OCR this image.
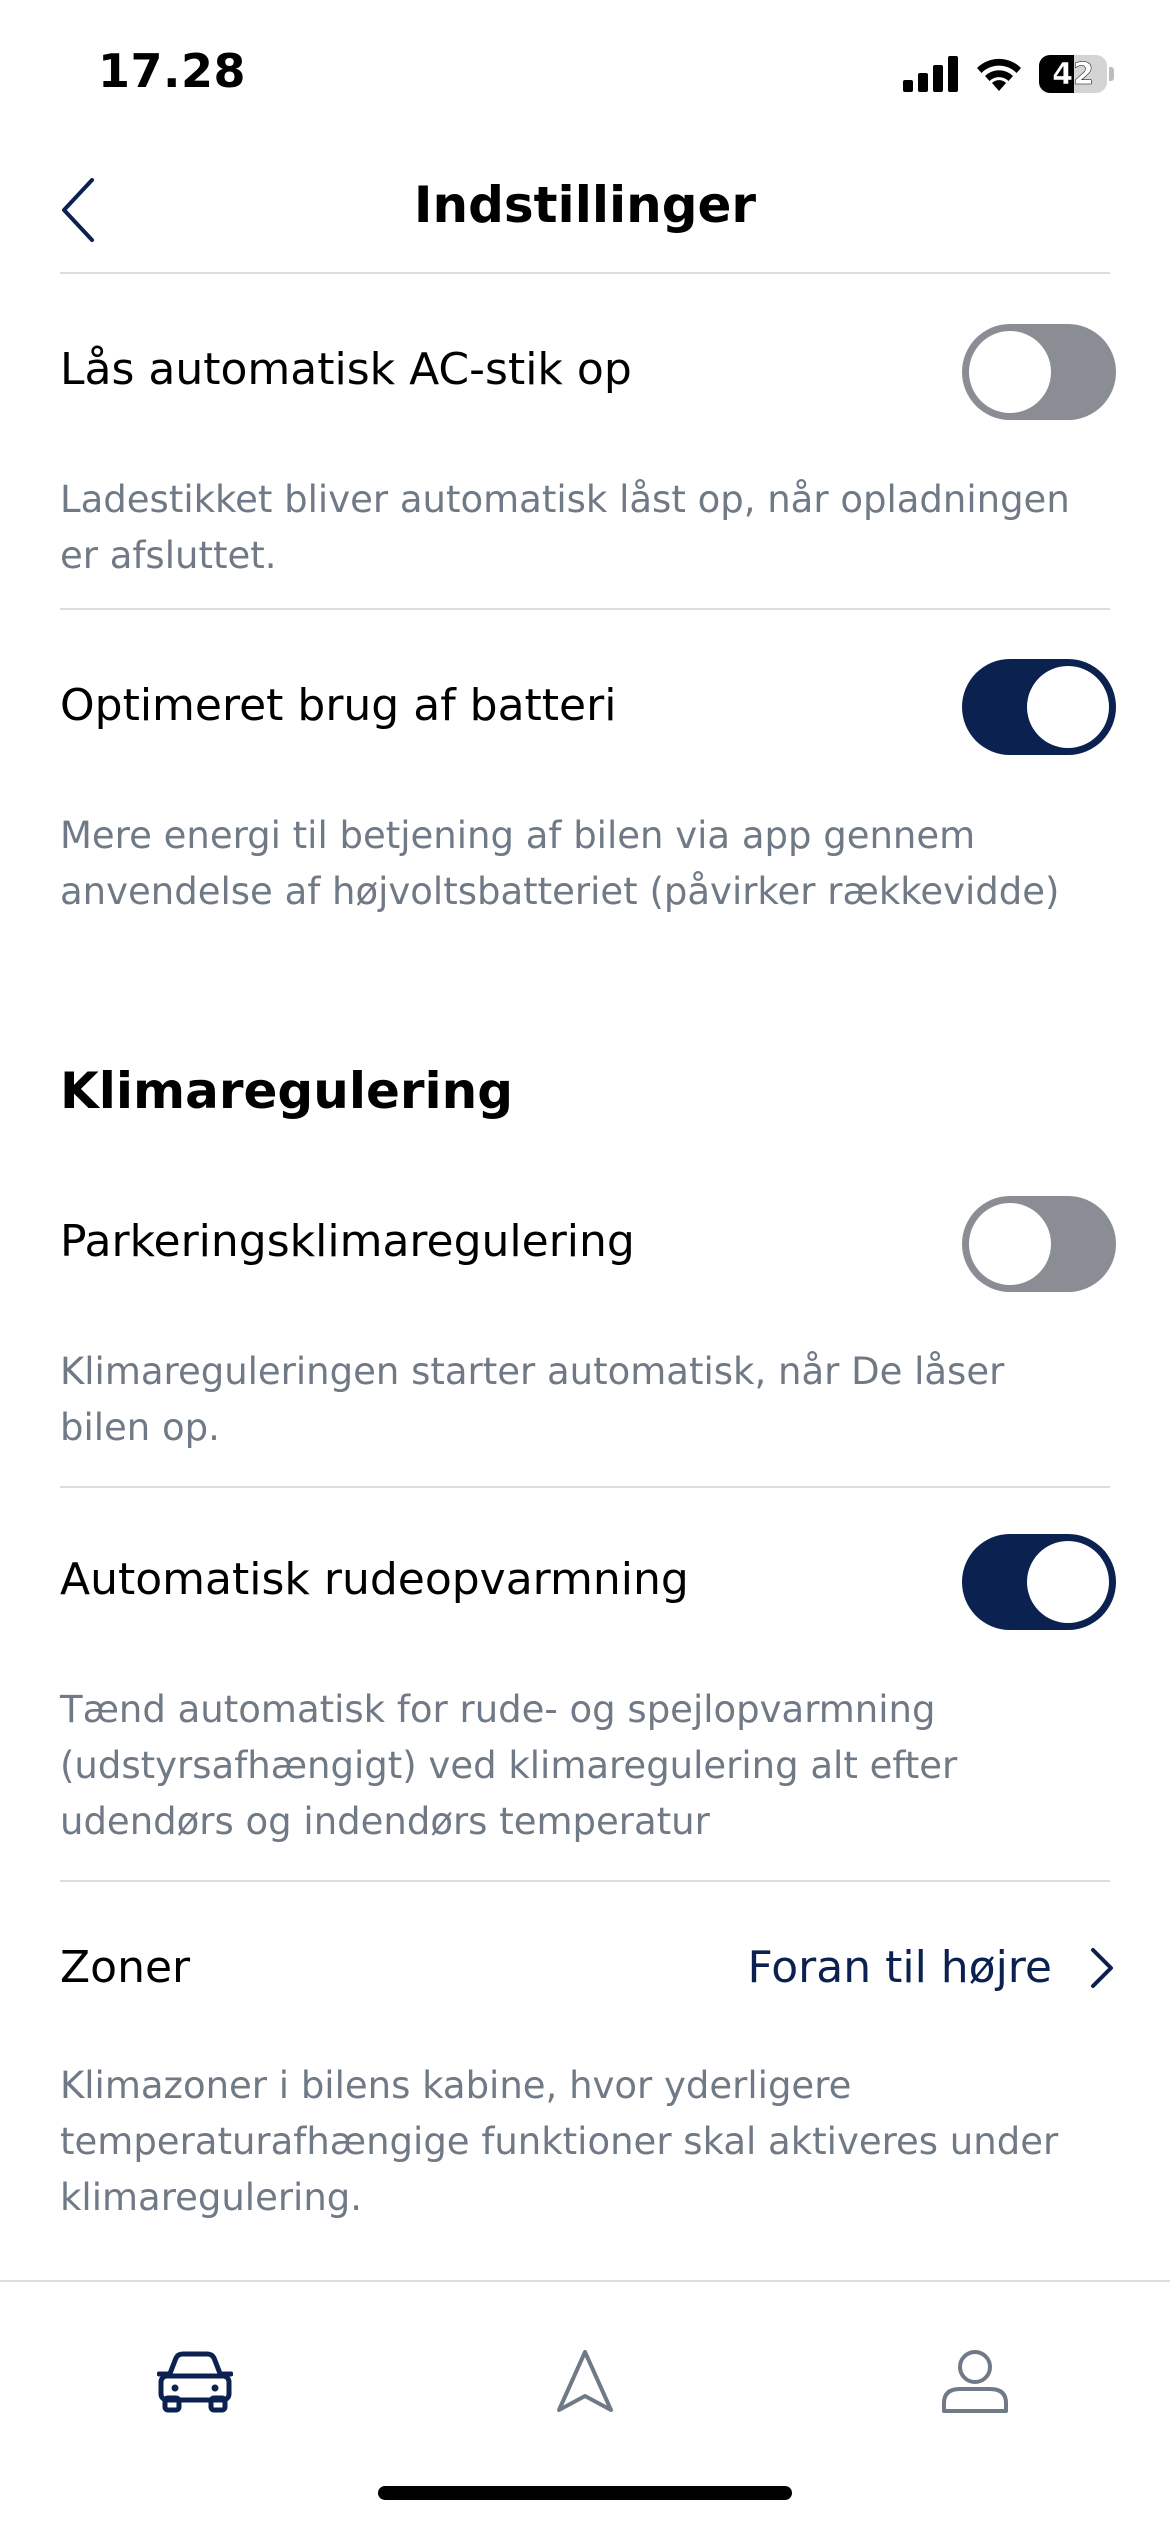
17.28	42
Indstillinger
Lås automatisk AC-stik op
Ladestikket bliver automatisk låst op, når opladningen er afsluttet.
Optimeret brug af batteri
Mere energi til betjening af bilen via app gennem anvendelse af højvoltsbatteriet (påvirker rækkevidde)
Klimaregulering
Parkeringsklimaregulering
Klimareguleringen starter automatisk, når De låser bilen op.
Automatisk rudeopvarmning
Tænd automatisk for rude- og spejlopvarmning (udstyrsafhængigt) ved klimaregulering alt efter udendørs og indendørs temperatur
Zoner	Foran til højre
Klimazoner i bilens kabine, hvor yderligere temperaturafhængige funktioner skal aktiveres under klimaregulering.
